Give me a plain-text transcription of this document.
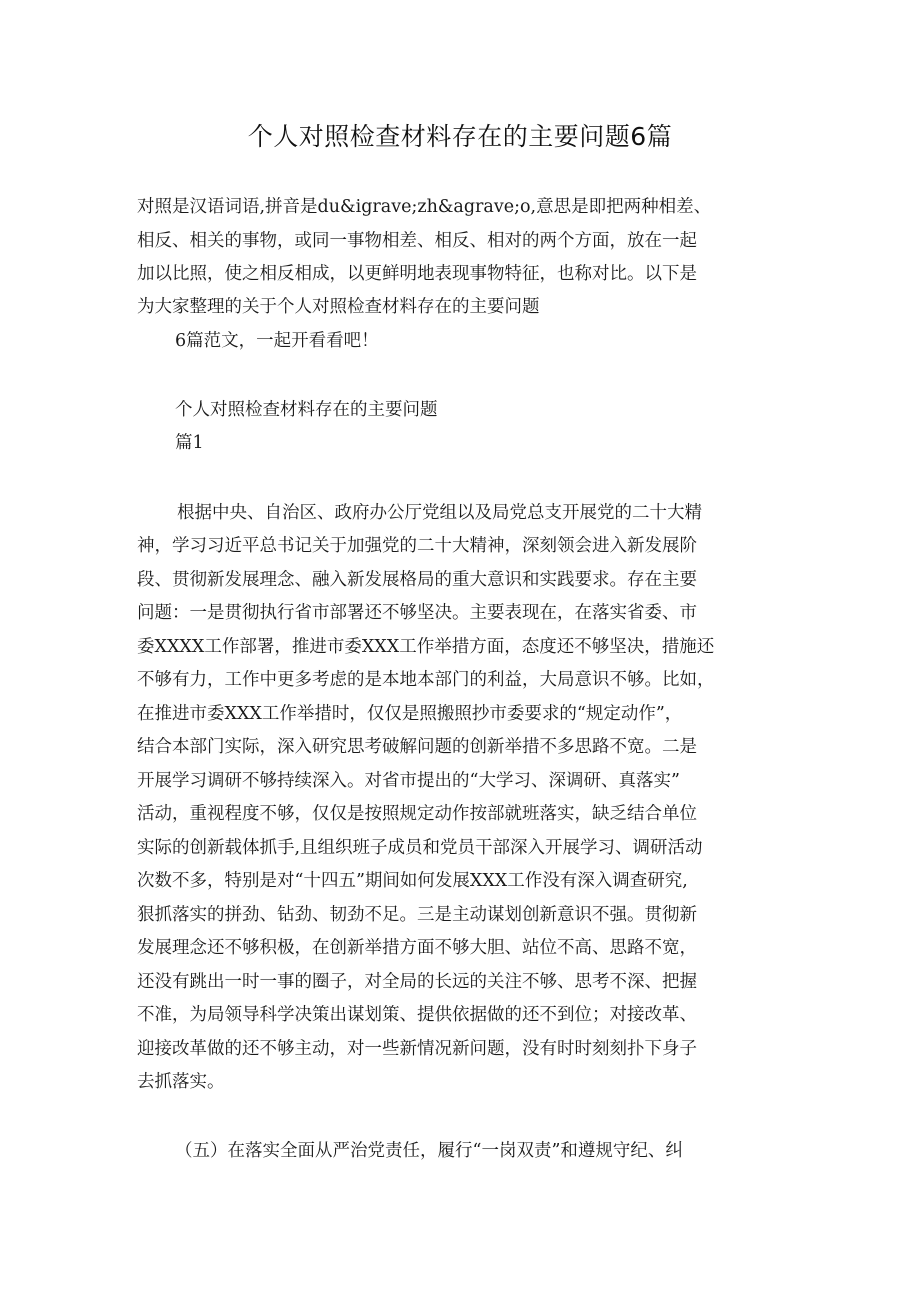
个人对照检查材料存在的主要问题6篇
对照是汉语词语,拼音是du&igrave;zh&agrave;o,意思是即把两种相差、
相反、相关的事物，或同一事物相差、相反、相对的两个方面，放在一起
加以比照，使之相反相成，以更鲜明地表现事物特征，也称对比。以下是
为大家整理的关于个人对照检查材料存在的主要问题
6篇范文，一起开看看吧！
个人对照检查材料存在的主要问题
篇1
根据中央、自治区、政府办公厅党组以及局党总支开展党的二十大精
神，学习习近平总书记关于加强党的二十大精神，深刻领会进入新发展阶
段、贯彻新发展理念、融入新发展格局的重大意识和实践要求。存在主要
问题：一是贯彻执行省市部署还不够坚决。主要表现在，在落实省委、市
委XXXX工作部署，推进市委XXX工作举措方面，态度还不够坚决，措施还
不够有力，工作中更多考虑的是本地本部门的利益，大局意识不够。比如，
在推进市委XXX工作举措时，仅仅是照搬照抄市委要求的“规定动作”，
结合本部门实际，深入研究思考破解问题的创新举措不多思路不宽。二是
开展学习调研不够持续深入。对省市提出的“大学习、深调研、真落实”
活动，重视程度不够，仅仅是按照规定动作按部就班落实，缺乏结合单位
实际的创新载体抓手,且组织班子成员和党员干部深入开展学习、调研活动
次数不多，特别是对“十四五”期间如何发展XXX工作没有深入调查研究,
狠抓落实的拼劲、钻劲、韧劲不足。三是主动谋划创新意识不强。贯彻新
发展理念还不够积极，在创新举措方面不够大胆、站位不高、思路不宽，
还没有跳出一时一事的圈子，对全局的长远的关注不够、思考不深、把握
不准，为局领导科学决策出谋划策、提供依据做的还不到位；对接改革、
迎接改革做的还不够主动，对一些新情况新问题，没有时时刻刻扑下身子
去抓落实。
（五）在落实全面从严治党责任，履行“一岗双责”和遵规守纪、纠
